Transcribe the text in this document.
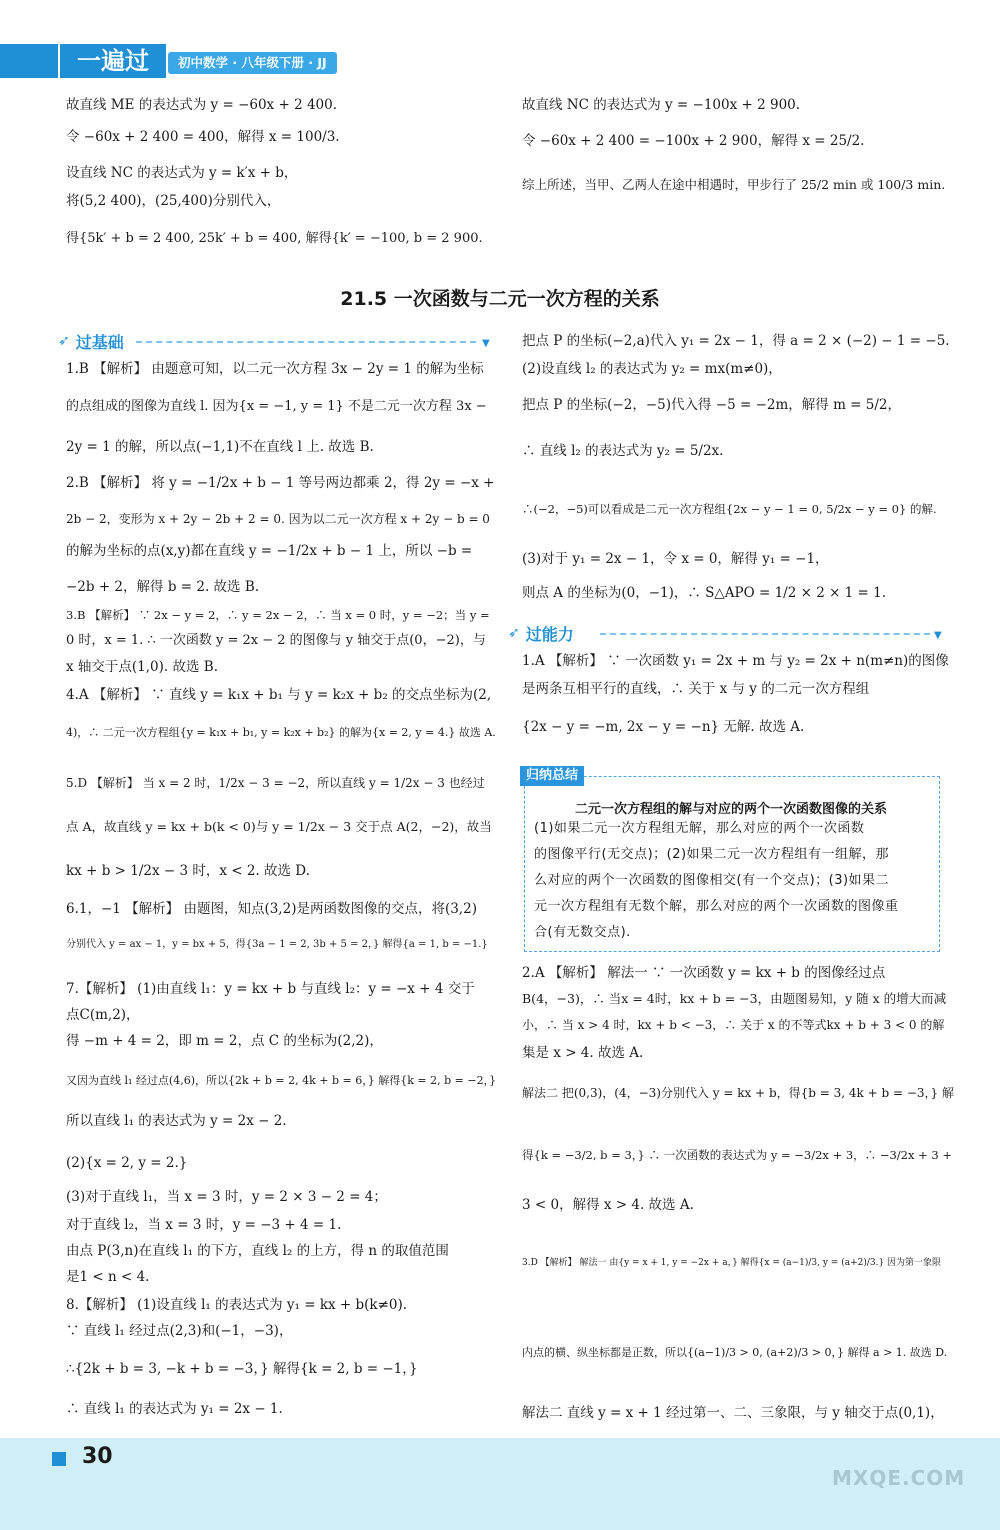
一遍过	初中数学 · 八年级下册 · JJ
故直线 ME 的表达式为 y = −60x + 2 400.
令 −60x + 2 400 = 400，解得 x = 100/3.
设直线 NC 的表达式为 y = k′x + b，
将(5,2 400)，(25,400)分别代入，
得{5k′ + b = 2 400, 25k′ + b = 400, 解得{k′ = −100, b = 2 900.
故直线 NC 的表达式为 y = −100x + 2 900.
令 −60x + 2 400 = −100x + 2 900，解得 x = 25/2.
综上所述，当甲、乙两人在途中相遇时，甲步行了 25/2 min 或 100/3 min.
21.5 一次函数与二元一次方程的关系
➶ 过基础	▼
1.B 【解析】 由题意可知，以二元一次方程 3x − 2y = 1 的解为坐标
的点组成的图像为直线 l. 因为{x = −1, y = 1} 不是二元一次方程 3x −
2y = 1 的解，所以点(−1,1)不在直线 l 上. 故选 B.
2.B 【解析】 将 y = −1/2x + b − 1 等号两边都乘 2，得 2y = −x +
2b − 2，变形为 x + 2y − 2b + 2 = 0. 因为以二元一次方程 x + 2y − b = 0
的解为坐标的点(x,y)都在直线 y = −1/2x + b − 1 上，所以 −b =
−2b + 2，解得 b = 2. 故选 B.
3.B 【解析】 ∵ 2x − y = 2，∴ y = 2x − 2，∴ 当 x = 0 时，y = −2；当 y =
0 时，x = 1. ∴ 一次函数 y = 2x − 2 的图像与 y 轴交于点(0，−2)，与
x 轴交于点(1,0). 故选 B.
4.A 【解析】 ∵ 直线 y = k₁x + b₁ 与 y = k₂x + b₂ 的交点坐标为(2,
4)，∴ 二元一次方程组{y = k₁x + b₁, y = k₂x + b₂} 的解为{x = 2, y = 4.} 故选 A.
5.D 【解析】 当 x = 2 时，1/2x − 3 = −2，所以直线 y = 1/2x − 3 也经过
点 A，故直线 y = kx + b(k < 0)与 y = 1/2x − 3 交于点 A(2，−2)，故当
kx + b > 1/2x − 3 时，x < 2. 故选 D.
6.1，−1 【解析】 由题图，知点(3,2)是两函数图像的交点，将(3,2)
分别代入 y = ax − 1，y = bx + 5，得{3a − 1 = 2, 3b + 5 = 2，} 解得{a = 1, b = −1.}
7.【解析】 (1)由直线 l₁：y = kx + b 与直线 l₂：y = −x + 4 交于
点C(m,2)，
得 −m + 4 = 2，即 m = 2，点 C 的坐标为(2,2)，
又因为直线 l₁ 经过点(4,6)，所以{2k + b = 2, 4k + b = 6，} 解得{k = 2, b = −2，}
所以直线 l₁ 的表达式为 y = 2x − 2.
(2){x = 2, y = 2.}
(3)对于直线 l₁，当 x = 3 时，y = 2 × 3 − 2 = 4；
对于直线 l₂，当 x = 3 时，y = −3 + 4 = 1.
由点 P(3,n)在直线 l₁ 的下方，直线 l₂ 的上方，得 n 的取值范围
是1 < n < 4.
8.【解析】 (1)设直线 l₁ 的表达式为 y₁ = kx + b(k≠0).
∵ 直线 l₁ 经过点(2,3)和(−1，−3)，
∴{2k + b = 3, −k + b = −3，} 解得{k = 2, b = −1，}
∴ 直线 l₁ 的表达式为 y₁ = 2x − 1.
把点 P 的坐标(−2,a)代入 y₁ = 2x − 1，得 a = 2 × (−2) − 1 = −5.
(2)设直线 l₂ 的表达式为 y₂ = mx(m≠0)，
把点 P 的坐标(−2，−5)代入得 −5 = −2m，解得 m = 5/2，
∴ 直线 l₂ 的表达式为 y₂ = 5/2x.
∴(−2，−5)可以看成是二元一次方程组{2x − y − 1 = 0, 5/2x − y = 0} 的解.
(3)对于 y₁ = 2x − 1，令 x = 0，解得 y₁ = −1，
则点 A 的坐标为(0，−1)，∴ S△APO = 1/2 × 2 × 1 = 1.
➶ 过能力	▼
1.A 【解析】 ∵ 一次函数 y₁ = 2x + m 与 y₂ = 2x + n(m≠n)的图像
是两条互相平行的直线，∴ 关于 x 与 y 的二元一次方程组
{2x − y = −m, 2x − y = −n} 无解. 故选 A.
归纳总结
二元一次方程组的解与对应的两个一次函数图像的关系
(1)如果二元一次方程组无解，那么对应的两个一次函数
的图像平行(无交点)；(2)如果二元一次方程组有一组解，那
么对应的两个一次函数的图像相交(有一个交点)；(3)如果二
元一次方程组有无数个解，那么对应的两个一次函数的图像重
合(有无数交点).
2.A 【解析】 解法一 ∵ 一次函数 y = kx + b 的图像经过点
B(4，−3)，∴ 当x = 4时，kx + b = −3，由题图易知，y 随 x 的增大而减
小，∴ 当 x > 4 时，kx + b < −3，∴ 关于 x 的不等式kx + b + 3 < 0 的解
集是 x > 4. 故选 A.
解法二 把(0,3)，(4，−3)分别代入 y = kx + b，得{b = 3, 4k + b = −3，} 解
得{k = −3/2, b = 3，} ∴ 一次函数的表达式为 y = −3/2x + 3，∴ −3/2x + 3 +
3 < 0，解得 x > 4. 故选 A.
3.D 【解析】 解法一 由{y = x + 1, y = −2x + a，} 解得{x = (a−1)/3, y = (a+2)/3.} 因为第一象限
内点的横、纵坐标都是正数，所以{(a−1)/3 > 0, (a+2)/3 > 0，} 解得 a > 1. 故选 D.
解法二 直线 y = x + 1 经过第一、二、三象限，与 y 轴交于点(0,1)，
30
MXQE.COM
